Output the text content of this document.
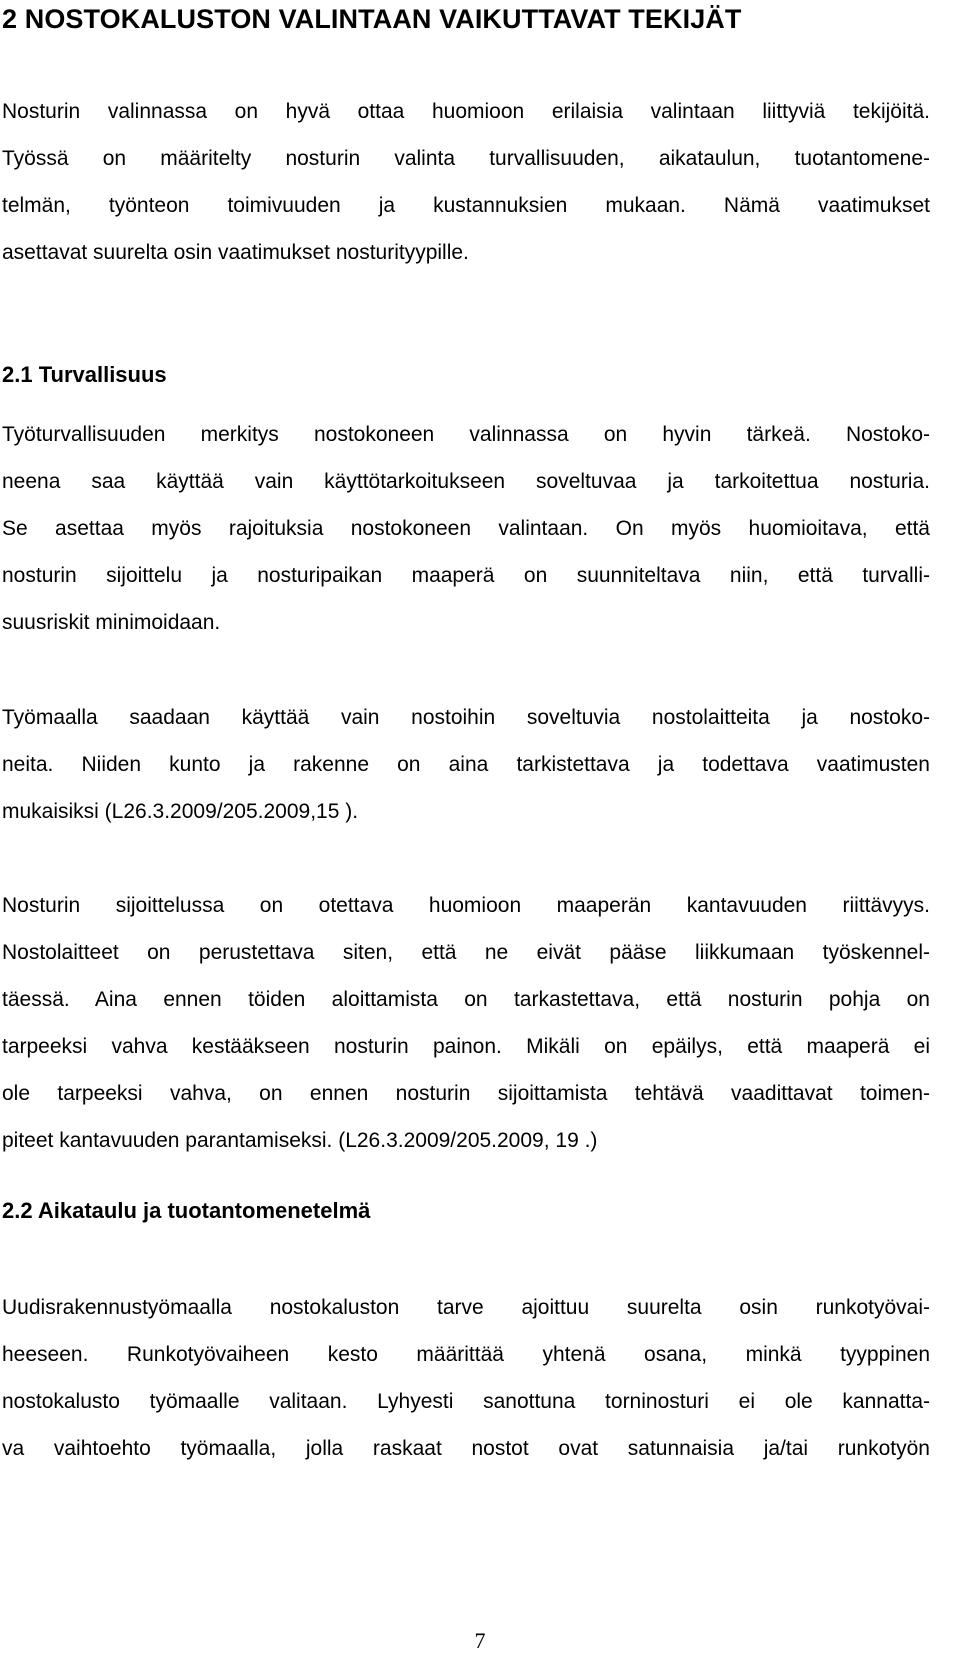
2 NOSTOKALUSTON VALINTAAN VAIKUTTAVAT TEKIJÄT
Nosturin valinnassa on hyvä ottaa huomioon erilaisia valintaan liittyviä tekijöitä.
Työssä on määritelty nosturin valinta turvallisuuden, aikataulun, tuotantomene-
telmän, työnteon toimivuuden ja kustannuksien mukaan. Nämä vaatimukset
asettavat suurelta osin vaatimukset nosturityypille.
2.1 Turvallisuus
Työturvallisuuden merkitys nostokoneen valinnassa on hyvin tärkeä. Nostoko-
neena saa käyttää vain käyttötarkoitukseen soveltuvaa ja tarkoitettua nosturia.
Se asettaa myös rajoituksia nostokoneen valintaan. On myös huomioitava, että
nosturin sijoittelu ja nosturipaikan maaperä on suunniteltava niin, että turvalli-
suusriskit minimoidaan.
Työmaalla saadaan käyttää vain nostoihin soveltuvia nostolaitteita ja nostoko-
neita. Niiden kunto ja rakenne on aina tarkistettava ja todettava vaatimusten
mukaisiksi (L26.3.2009/205.2009,15 ).
Nosturin sijoittelussa on otettava huomioon maaperän kantavuuden riittävyys.
Nostolaitteet on perustettava siten, että ne eivät pääse liikkumaan työskennel-
täessä. Aina ennen töiden aloittamista on tarkastettava, että nosturin pohja on
tarpeeksi vahva kestääkseen nosturin painon. Mikäli on epäilys, että maaperä ei
ole tarpeeksi vahva, on ennen nosturin sijoittamista tehtävä vaadittavat toimen-
piteet kantavuuden parantamiseksi. (L26.3.2009/205.2009, 19 .)
2.2 Aikataulu ja tuotantomenetelmä
Uudisrakennustyömaalla nostokaluston tarve ajoittuu suurelta osin runkotyövai-
heeseen. Runkotyövaiheen kesto määrittää yhtenä osana, minkä tyyppinen
nostokalusto työmaalle valitaan. Lyhyesti sanottuna torninosturi ei ole kannatta-
va vaihtoehto työmaalla, jolla raskaat nostot ovat satunnaisia ja/tai runkotyön
7
